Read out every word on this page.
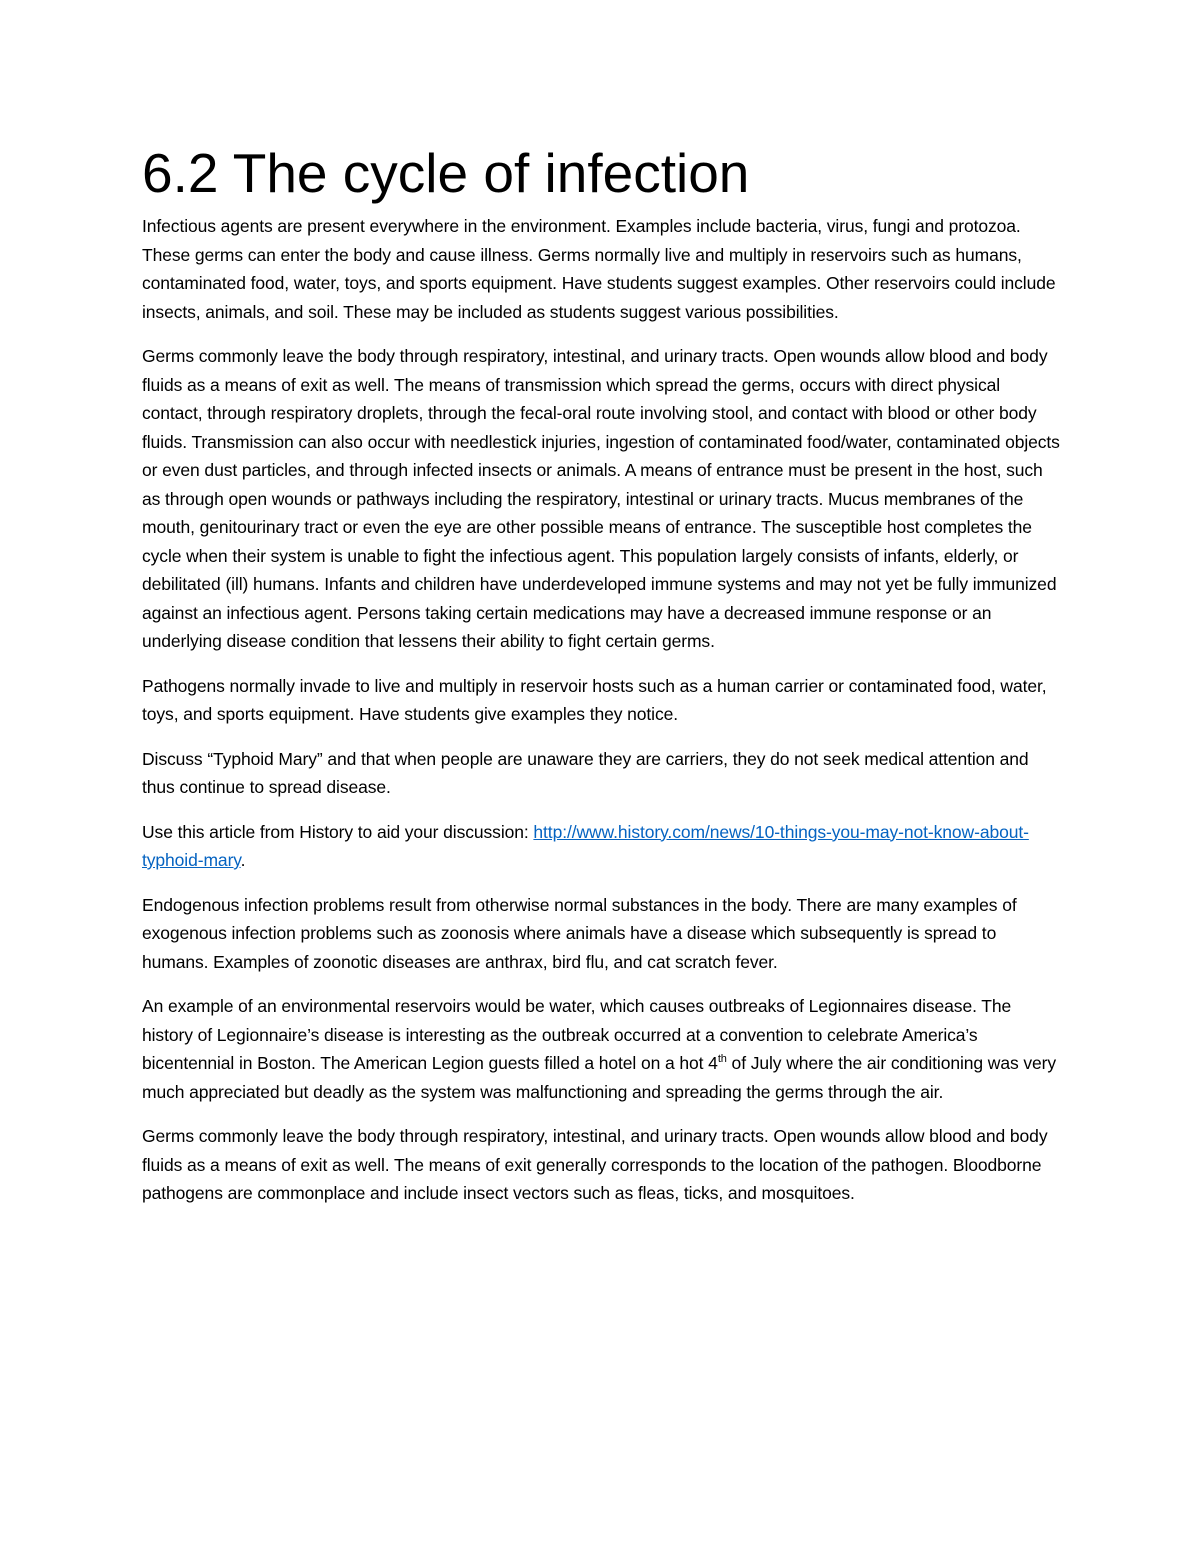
6.2 The cycle of infection

Infectious agents are present everywhere in the environment. Examples include bacteria, virus, fungi and protozoa. These germs can enter the body and cause illness. Germs normally live and multiply in reservoirs such as humans, contaminated food, water, toys, and sports equipment. Have students suggest examples. Other reservoirs could include insects, animals, and soil. These may be included as students suggest various possibilities.

Germs commonly leave the body through respiratory, intestinal, and urinary tracts. Open wounds allow blood and body fluids as a means of exit as well. The means of transmission which spread the germs, occurs with direct physical contact, through respiratory droplets, through the fecal-oral route involving stool, and contact with blood or other body fluids. Transmission can also occur with needlestick injuries, ingestion of contaminated food/water, contaminated objects or even dust particles, and through infected insects or animals. A means of entrance must be present in the host, such as through open wounds or pathways including the respiratory, intestinal or urinary tracts. Mucus membranes of the mouth, genitourinary tract or even the eye are other possible means of entrance. The susceptible host completes the cycle when their system is unable to fight the infectious agent. This population largely consists of infants, elderly, or debilitated (ill) humans. Infants and children have underdeveloped immune systems and may not yet be fully immunized against an infectious agent. Persons taking certain medications may have a decreased immune response or an underlying disease condition that lessens their ability to fight certain germs.

Pathogens normally invade to live and multiply in reservoir hosts such as a human carrier or contaminated food, water, toys, and sports equipment. Have students give examples they notice.

Discuss “Typhoid Mary” and that when people are unaware they are carriers, they do not seek medical attention and thus continue to spread disease.

Use this article from History to aid your discussion: http://www.history.com/news/10-things-you-may-not-know-about-typhoid-mary.

Endogenous infection problems result from otherwise normal substances in the body. There are many examples of exogenous infection problems such as zoonosis where animals have a disease which subsequently is spread to humans. Examples of zoonotic diseases are anthrax, bird flu, and cat scratch fever.

An example of an environmental reservoirs would be water, which causes outbreaks of Legionnaires disease. The history of Legionnaire’s disease is interesting as the outbreak occurred at a convention to celebrate America’s bicentennial in Boston. The American Legion guests filled a hotel on a hot 4th of July where the air conditioning was very much appreciated but deadly as the system was malfunctioning and spreading the germs through the air.

Germs commonly leave the body through respiratory, intestinal, and urinary tracts. Open wounds allow blood and body fluids as a means of exit as well. The means of exit generally corresponds to the location of the pathogen. Bloodborne pathogens are commonplace and include insect vectors such as fleas, ticks, and mosquitoes.
